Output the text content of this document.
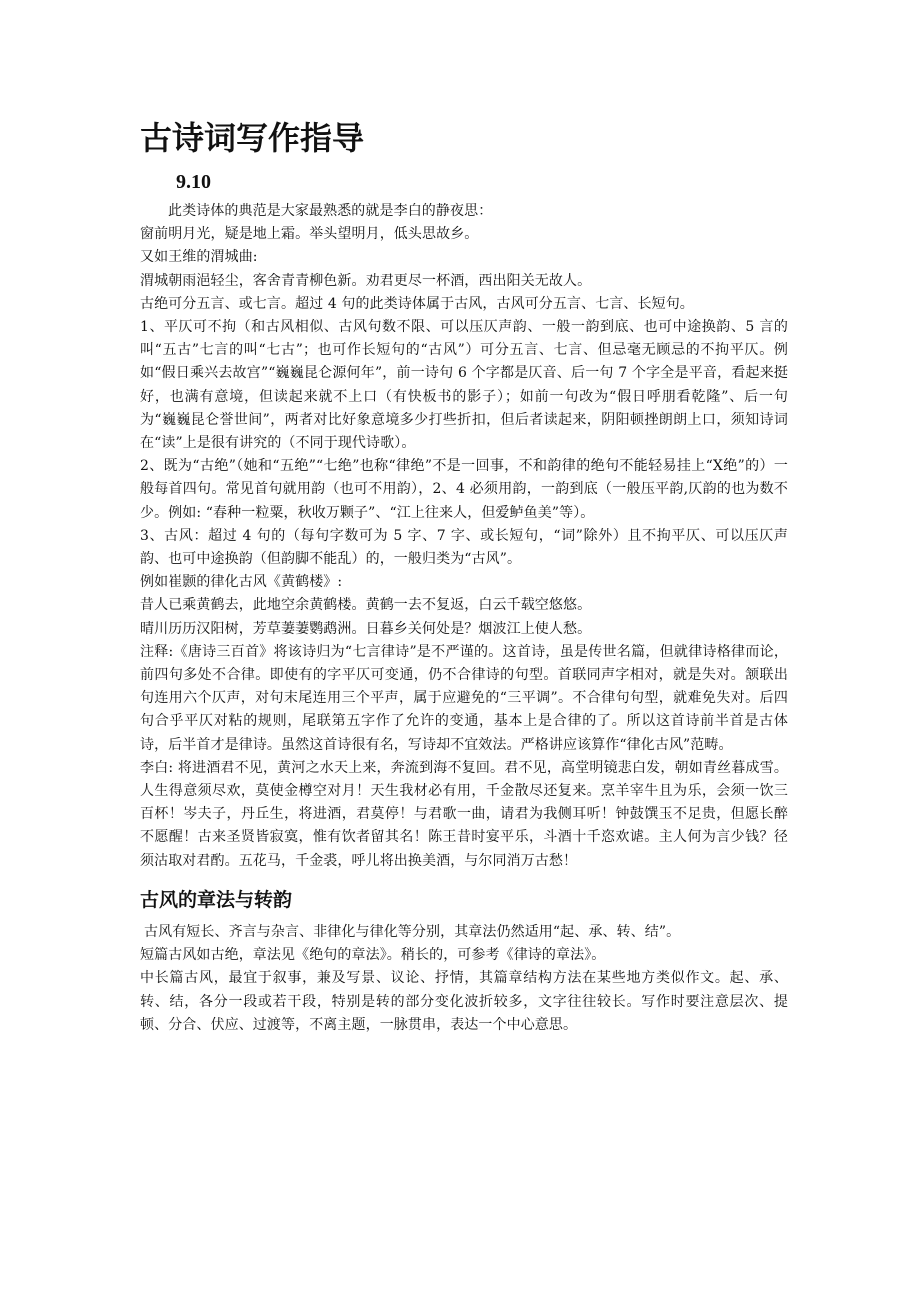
古诗词写作指导
9.10

此类诗体的典范是大家最熟悉的就是李白的静夜思：

窗前明月光，疑是地上霜。举头望明月，低头思故乡。

又如王维的渭城曲:

渭城朝雨浥轻尘，客舍青青柳色新。劝君更尽一杯酒，西出阳关无故人。

古绝可分五言、或七言。超过 4 句的此类诗体属于古风，古风可分五言、七言、长短句。

1、平仄可不拘（和古风相似、古风句数不限、可以压仄声韵、一般一韵到底、也可中途换韵、5 言的叫“五古”七言的叫“七古”；也可作长短句的“古风”）可分五言、七言、但忌毫无顾忌的不拘平仄。例如“假日乘兴去故宫”“巍巍昆仑源何年”，前一诗句 6 个字都是仄音、后一句 7 个字全是平音，看起来挺好，也满有意境，但读起来就不上口（有快板书的影子）；如前一句改为“假日呼朋看乾隆”、后一句为“巍巍昆仑誉世间”，两者对比好象意境多少打些折扣，但后者读起来，阴阳顿挫朗朗上口，须知诗词在“读”上是很有讲究的（不同于现代诗歌）。

2、既为“古绝”（她和“五绝”“七绝”也称“律绝”不是一回事，不和韵律的绝句不能轻易挂上“X绝”的）一般每首四句。常见首句就用韵（也可不用韵），2、4 必须用韵，一韵到底（一般压平韵,仄韵的也为数不少。例如: “春种一粒粟，秋收万颗子”、“江上往来人，但爱鲈鱼美”等）。

3、古风：超过 4 句的（每句字数可为 5 字、7 字、或长短句，“词”除外）且不拘平仄、可以压仄声韵、也可中途换韵（但韵脚不能乱）的，一般归类为“古风”。

例如崔颢的律化古风《黄鹤楼》:

昔人已乘黄鹤去，此地空余黄鹤楼。黄鹤一去不复返，白云千载空悠悠。

晴川历历汉阳树，芳草萋萋鹦鹉洲。日暮乡关何处是？烟波江上使人愁。

注释:《唐诗三百首》将该诗归为“七言律诗”是不严谨的。这首诗，虽是传世名篇，但就律诗格律而论，前四句多处不合律。即使有的字平仄可变通，仍不合律诗的句型。首联同声字相对，就是失对。颔联出句连用六个仄声，对句末尾连用三个平声，属于应避免的“三平调”。不合律句句型，就难免失对。后四句合乎平仄对粘的规则，尾联第五字作了允许的变通，基本上是合律的了。所以这首诗前半首是古体诗，后半首才是律诗。虽然这首诗很有名，写诗却不宜效法。严格讲应该算作“律化古风”范畴。

李白: 将进酒君不见，黄河之水天上来，奔流到海不复回。君不见，高堂明镜悲白发，朝如青丝暮成雪。人生得意须尽欢，莫使金樽空对月！天生我材必有用，千金散尽还复来。烹羊宰牛且为乐，会须一饮三百杯！岑夫子，丹丘生，将进酒，君莫停！与君歌一曲，请君为我侧耳听！钟鼓馔玉不足贵，但愿长醉不愿醒！古来圣贤皆寂寞，惟有饮者留其名！陈王昔时宴平乐，斗酒十千恣欢谑。主人何为言少钱？径须沽取对君酌。五花马，千金裘，呼儿将出换美酒，与尔同消万古愁！

古风的章法与转韵

古风有短长、齐言与杂言、非律化与律化等分别，其章法仍然适用“起、承、转、结”。

短篇古风如古绝，章法见《绝句的章法》。稍长的，可参考《律诗的章法》。

中长篇古风，最宜于叙事，兼及写景、议论、抒情，其篇章结构方法在某些地方类似作文。起、承、转、结，各分一段或若干段，特别是转的部分变化波折较多，文字往往较长。写作时要注意层次、提顿、分合、伏应、过渡等，不离主题，一脉贯串，表达一个中心意思。
